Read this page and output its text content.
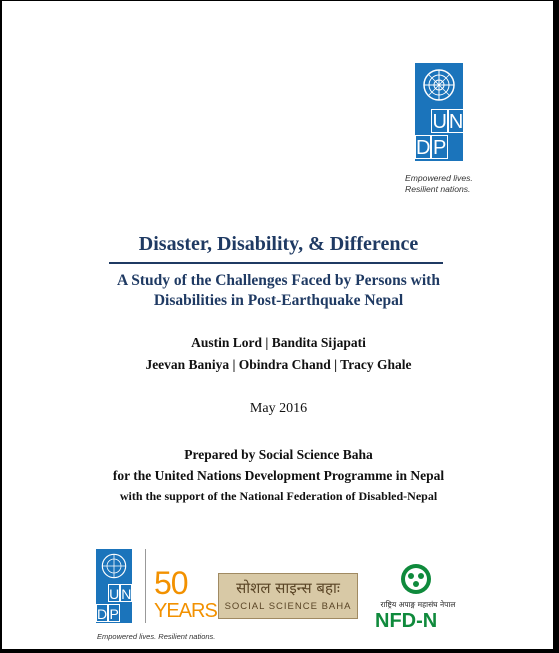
U N
D P
Empowered lives.
Resilient nations.
Disaster, Disability, & Difference
A Study of the Challenges Faced by Persons with
Disabilities in Post-Earthquake Nepal
Austin Lord | Bandita Sijapati
Jeevan Baniya | Obindra Chand | Tracy Ghale
May 2016
Prepared by Social Science Baha
for the United Nations Development Programme in Nepal
with the support of the National Federation of Disabled-Nepal
U N
D P
Empowered lives. Resilient nations.
50
YEARS
सोशल साइन्स बहाः
SOCIAL SCIENCE BAHA	राष्ट्रिय अपाङ्ग महासंघ नेपाल
NFD-N
